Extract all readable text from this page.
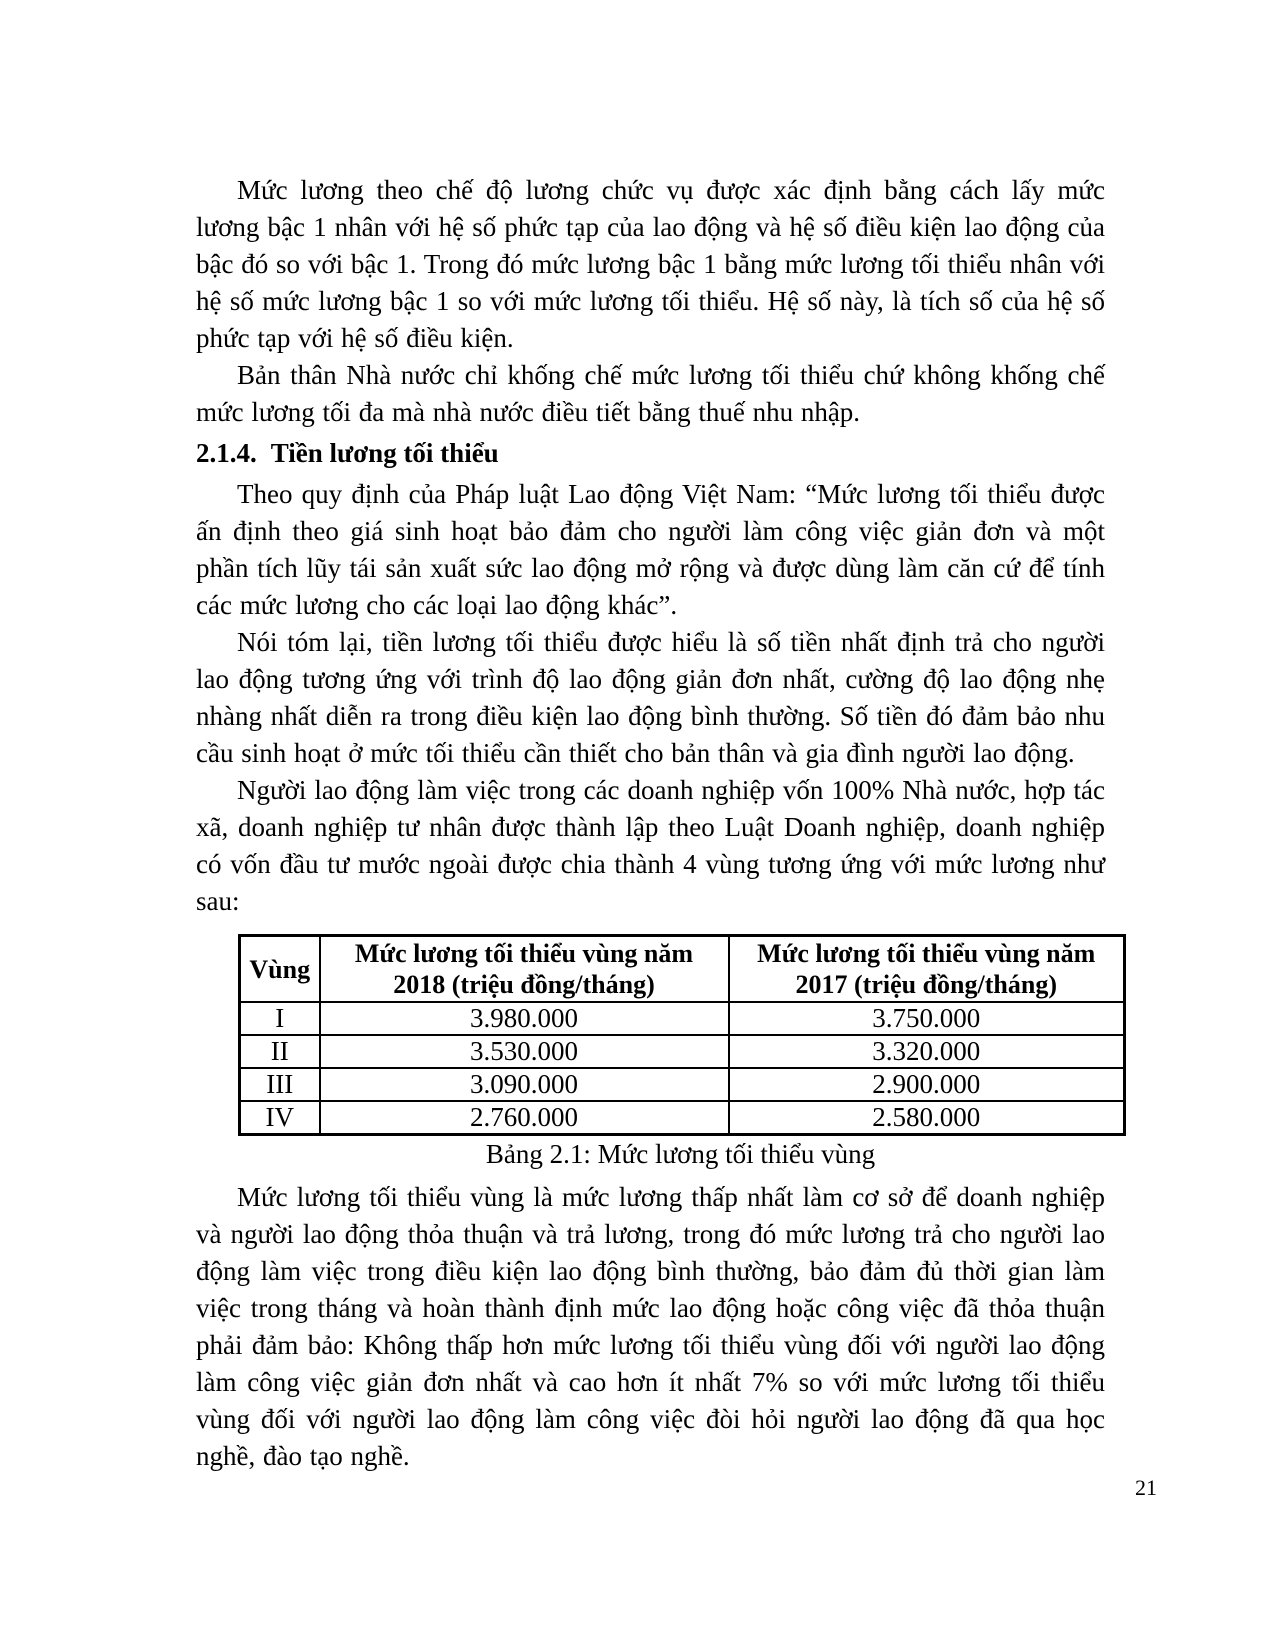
Mức lương theo chế độ lương chức vụ được xác định bằng cách lấy mức lương bậc 1 nhân với hệ số phức tạp của lao động và hệ số điều kiện lao động của bậc đó so với bậc 1. Trong đó mức lương bậc 1 bằng mức lương tối thiểu nhân với hệ số mức lương bậc 1 so với mức lương tối thiểu. Hệ số này, là tích số của hệ số phức tạp với hệ số điều kiện.

Bản thân Nhà nước chỉ khống chế mức lương tối thiểu chứ không khống chế mức lương tối đa mà nhà nước điều tiết bằng thuế nhu nhập.

2.1.4. Tiền lương tối thiểu

Theo quy định của Pháp luật Lao động Việt Nam: “Mức lương tối thiểu được ấn định theo giá sinh hoạt bảo đảm cho người làm công việc giản đơn và một phần tích lũy tái sản xuất sức lao động mở rộng và được dùng làm căn cứ để tính các mức lương cho các loại lao động khác”.

Nói tóm lại, tiền lương tối thiểu được hiểu là số tiền nhất định trả cho người lao động tương ứng với trình độ lao động giản đơn nhất, cường độ lao động nhẹ nhàng nhất diễn ra trong điều kiện lao động bình thường. Số tiền đó đảm bảo nhu cầu sinh hoạt ở mức tối thiểu cần thiết cho bản thân và gia đình người lao động.

Người lao động làm việc trong các doanh nghiệp vốn 100% Nhà nước, hợp tác xã, doanh nghiệp tư nhân được thành lập theo Luật Doanh nghiệp, doanh nghiệp có vốn đầu tư mước ngoài được chia thành 4 vùng tương ứng với mức lương như sau:

Vùng	Mức lương tối thiểu vùng năm 2018 (triệu đồng/tháng)	Mức lương tối thiểu vùng năm 2017 (triệu đồng/tháng)
I	3.980.000	3.750.000
II	3.530.000	3.320.000
III	3.090.000	2.900.000
IV	2.760.000	2.580.000
Bảng 2.1: Mức lương tối thiểu vùng

Mức lương tối thiểu vùng là mức lương thấp nhất làm cơ sở để doanh nghiệp và người lao động thỏa thuận và trả lương, trong đó mức lương trả cho người lao động làm việc trong điều kiện lao động bình thường, bảo đảm đủ thời gian làm việc trong tháng và hoàn thành định mức lao động hoặc công việc đã thỏa thuận phải đảm bảo: Không thấp hơn mức lương tối thiểu vùng đối với người lao động làm công việc giản đơn nhất và cao hơn ít nhất 7% so với mức lương tối thiểu vùng đối với người lao động làm công việc đòi hỏi người lao động đã qua học nghề, đào tạo nghề.

21
